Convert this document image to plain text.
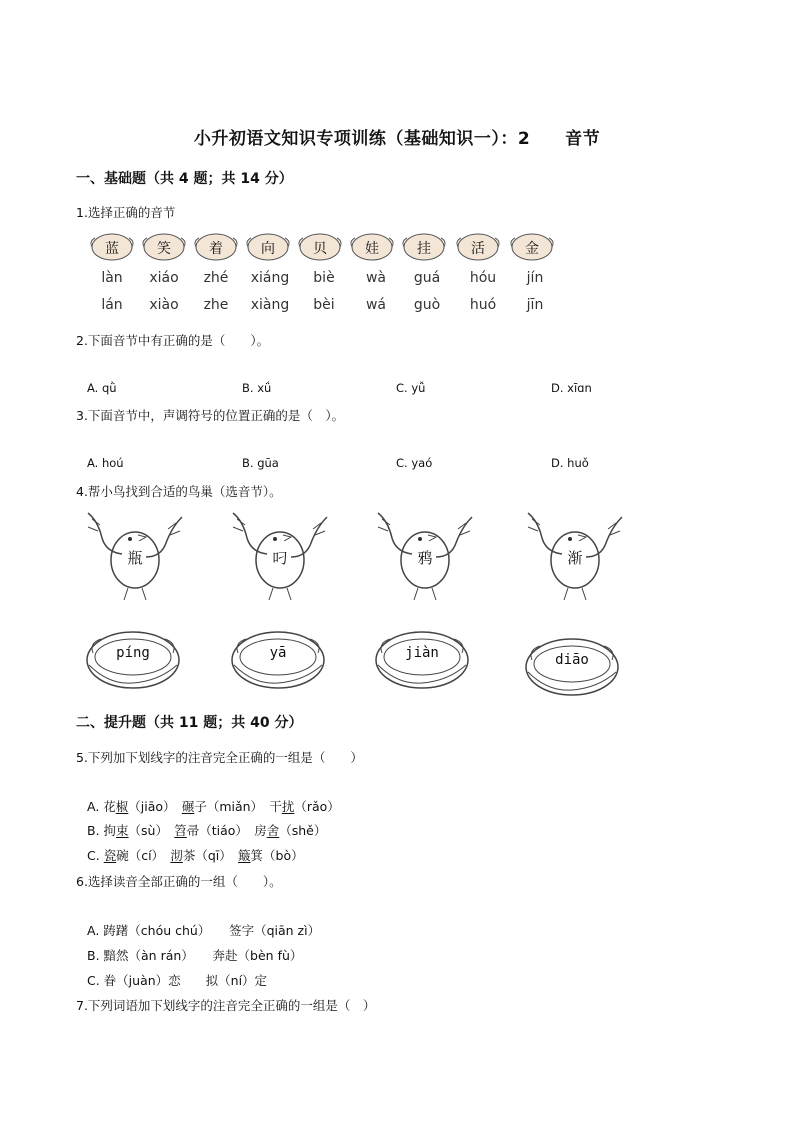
小升初语文知识专项训练（基础知识一）：2　　音节
一、基础题（共 4 题；共 14 分）
1.选择正确的音节
蓝	笑	着	向	贝	娃	挂	活	金
làn	xiáo	zhé	xiáng	biè	wà	guá	hóu	jín
lán	xiào	zhe	xiàng	bèi	wá	guò	huó	jīn
2.下面音节中有正确的是（　　）。
A. qǜ	B. xǘ	C. yǚ	D. xīɑn
3.下面音节中，声调符号的位置正确的是（　）。
A. hoú	B. gūa	C. yaó	D. huǒ
4.帮小鸟找到合适的鸟巢（选音节）。
瓶	叼	鸦	渐
píng	yā	jiàn	diāo
二、提升题（共 11 题；共 40 分）
5.下列加下划线字的注音完全正确的一组是（　　）
A. 花椒（jiāo）　碾子（miǎn）　干扰（rǎo）
B. 拘束（sù）　笤帚（tiáo）　房舍（shě）
C. 瓷碗（cí）　沏茶（qī）　簸箕（bò）
6.选择读音全部正确的一组（　　）。
A. 踌躇（chóu chú）　　签字（qiān zì）
B. 黯然（àn rán）　　奔赴（bèn fù）
C. 眷（juàn）恋　　拟（ní）定
7.下列词语加下划线字的注音完全正确的一组是（　）
